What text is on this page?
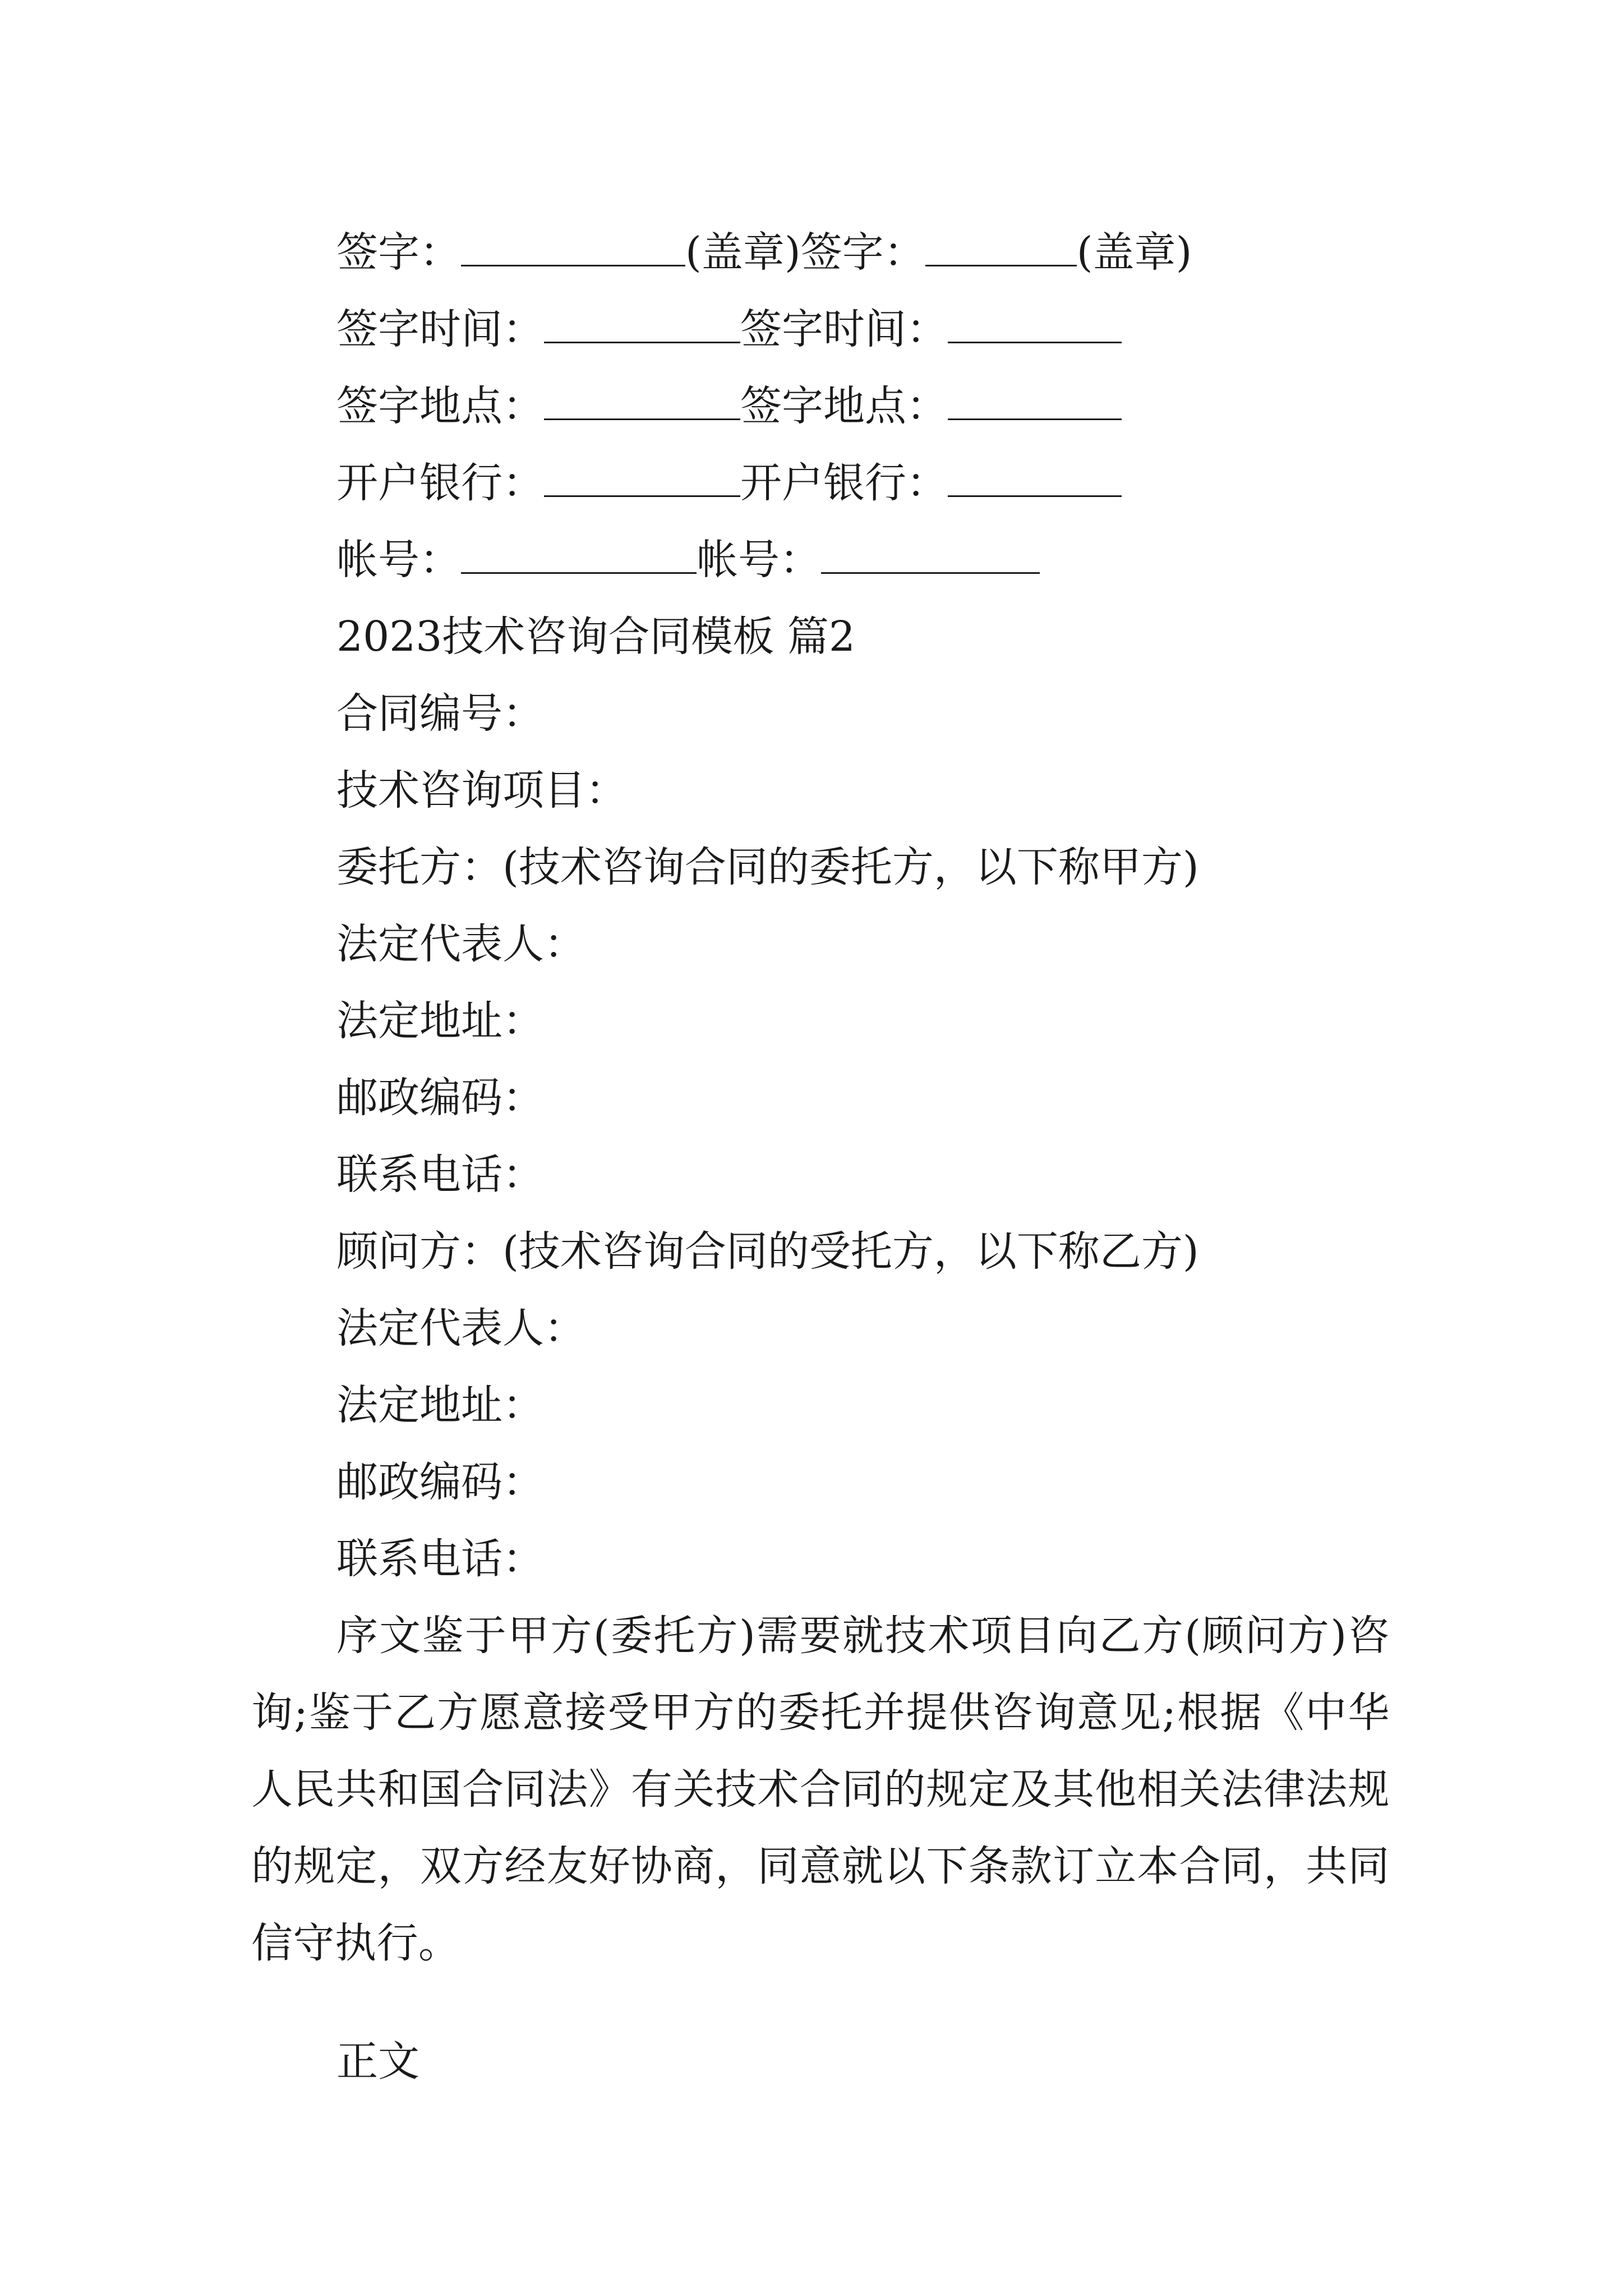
签字：	(盖章)签字：	(盖章)
签字时间：	签字时间：
签字地点：	签字地点：
开户银行：	开户银行：
帐号：	帐号：
2023技术咨询合同模板 篇2
合同编号：
技术咨询项目：
委托方：(技术咨询合同的委托方，以下称甲方)
法定代表人：
法定地址：
邮政编码：
联系电话：
顾问方：(技术咨询合同的受托方，以下称乙方)
法定代表人：
法定地址：
邮政编码：
联系电话：

序文鉴于甲方(委托方)需要就技术项目向乙方(顾问方)咨询;鉴于乙方愿意接受甲方的委托并提供咨询意见;根据《中华人民共和国合同法》有关技术合同的规定及其他相关法律法规的规定，双方经友好协商，同意就以下条款订立本合同，共同信守执行。

正文
